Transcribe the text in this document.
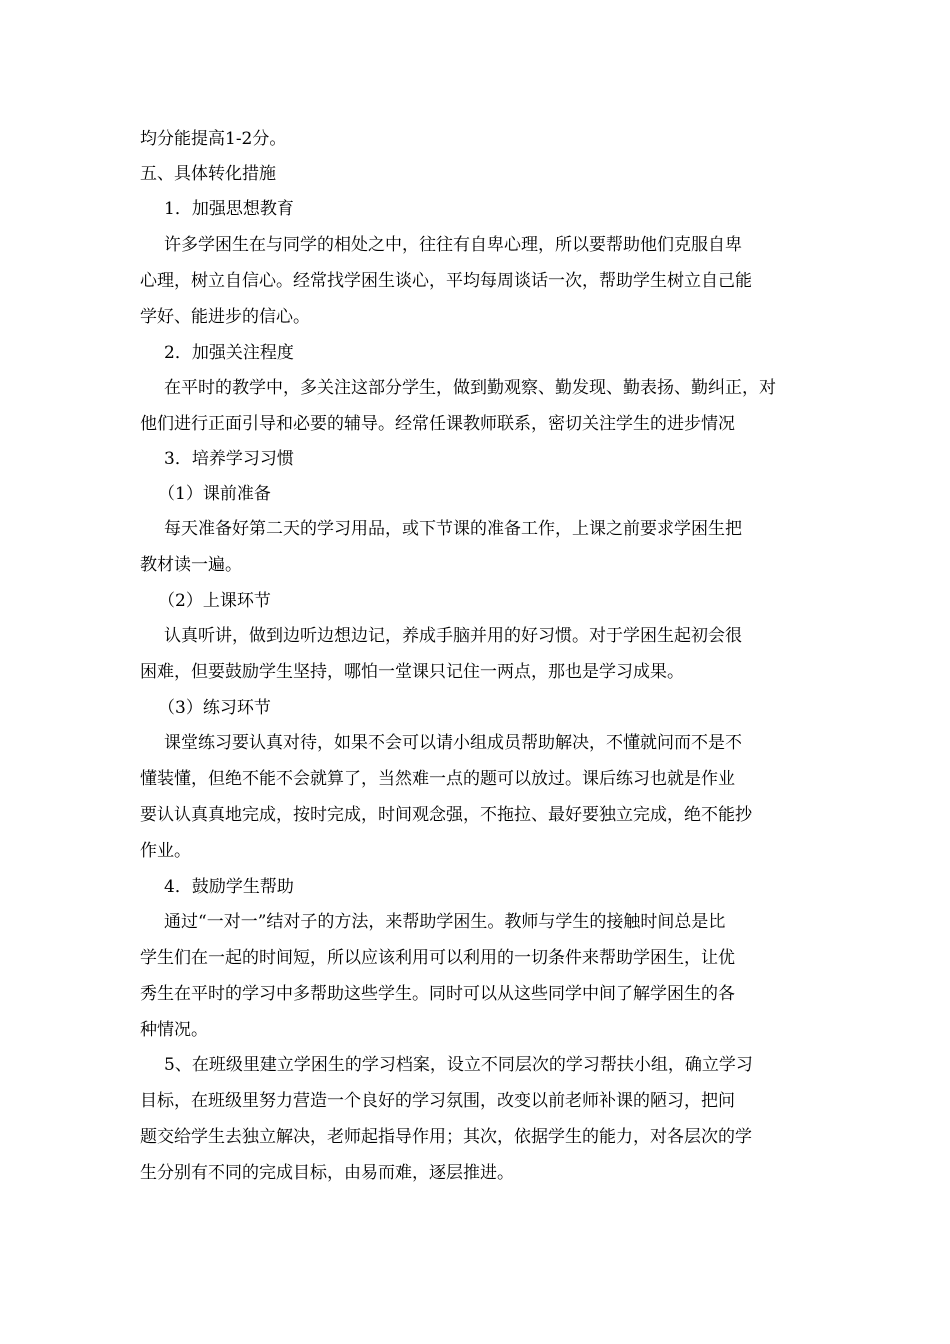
均分能提高1-2分。
五、具体转化措施
1．加强思想教育
许多学困生在与同学的相处之中，往往有自卑心理，所以要帮助他们克服自卑
心理，树立自信心。经常找学困生谈心，平均每周谈话一次，帮助学生树立自己能
学好、能进步的信心。
2．加强关注程度
在平时的教学中，多关注这部分学生，做到勤观察、勤发现、勤表扬、勤纠正，对
他们进行正面引导和必要的辅导。经常任课教师联系，密切关注学生的进步情况
3．培养学习习惯
（1）课前准备
每天准备好第二天的学习用品，或下节课的准备工作，上课之前要求学困生把
教材读一遍。
（2）上课环节
认真听讲，做到边听边想边记，养成手脑并用的好习惯。对于学困生起初会很
困难，但要鼓励学生坚持，哪怕一堂课只记住一两点，那也是学习成果。
（3）练习环节
课堂练习要认真对待，如果不会可以请小组成员帮助解决，不懂就问而不是不
懂装懂，但绝不能不会就算了，当然难一点的题可以放过。课后练习也就是作业
要认认真真地完成，按时完成，时间观念强，不拖拉、最好要独立完成，绝不能抄
作业。
4．鼓励学生帮助
通过“一对一”结对子的方法，来帮助学困生。教师与学生的接触时间总是比
学生们在一起的时间短，所以应该利用可以利用的一切条件来帮助学困生，让优
秀生在平时的学习中多帮助这些学生。同时可以从这些同学中间了解学困生的各
种情况。
5、在班级里建立学困生的学习档案，设立不同层次的学习帮扶小组，确立学习
目标，在班级里努力营造一个良好的学习氛围，改变以前老师补课的陋习，把问
题交给学生去独立解决，老师起指导作用；其次，依据学生的能力，对各层次的学
生分别有不同的完成目标，由易而难，逐层推进。
